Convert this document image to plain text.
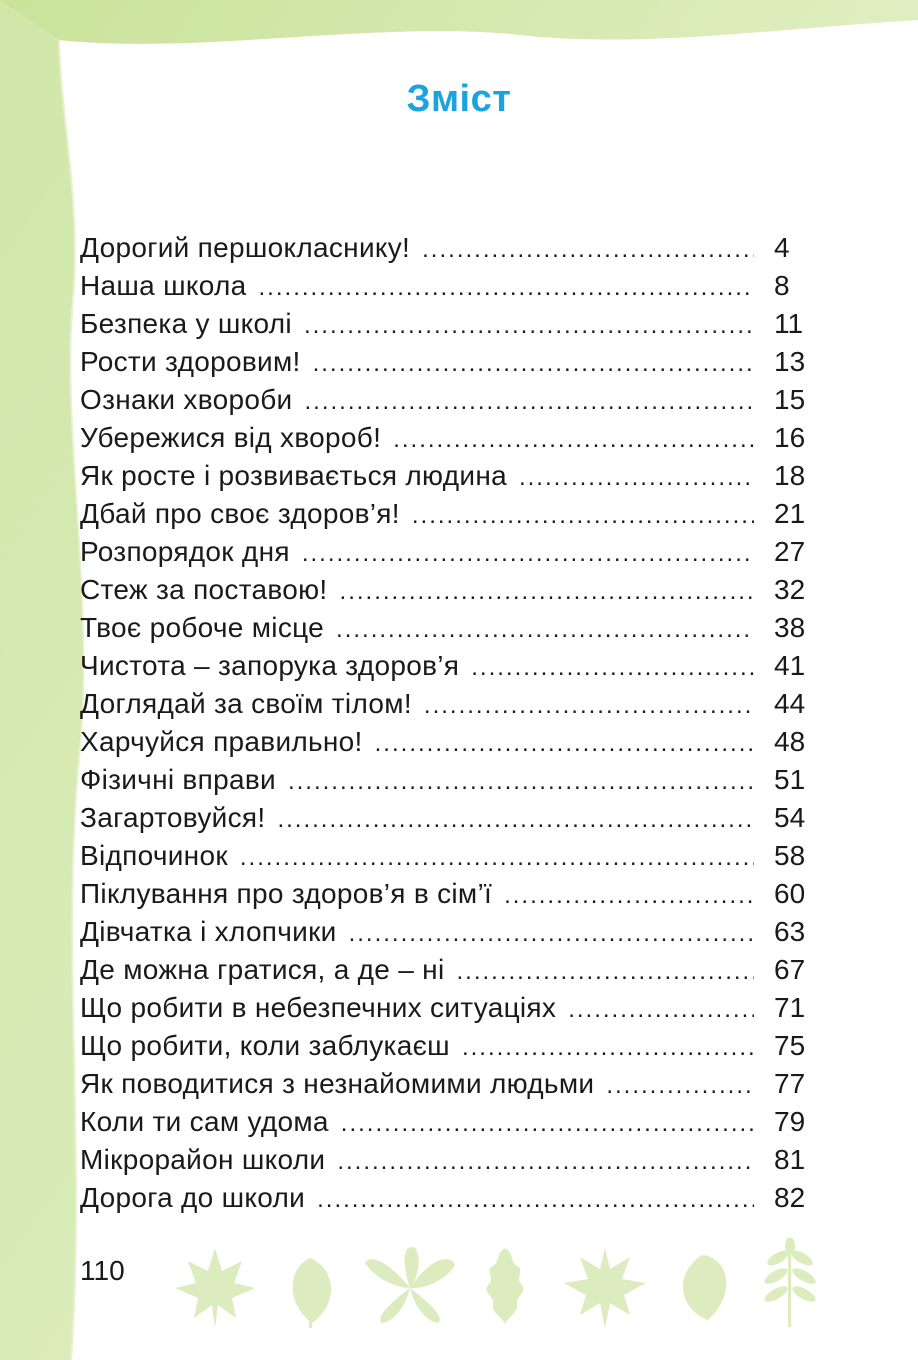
Зміст
Дорогий першокласнику! .....	4
Наша школа .....	8
Безпека у школі .....	11
Рости здоровим! .....	13
Ознаки хвороби .....	15
Убережися від хвороб! .....	16
Як росте і розвивається людина .....	18
Дбай про своє здоров’я! .....	21
Розпорядок дня .....	27
Стеж за поставою! .....	32
Твоє робоче місце .....	38
Чистота – запорука здоров’я .....	41
Доглядай за своїм тілом! .....	44
Харчуйся правильно! .....	48
Фізичні вправи .....	51
Загартовуйся! .....	54
Відпочинок .....	58
Піклування про здоров’я в сім’ї .....	60
Дівчатка і хлопчики .....	63
Де можна гратися, а де – ні .....	67
Що робити в небезпечних ситуаціях .....	71
Що робити, коли заблукаєш .....	75
Як поводитися з незнайомими людьми .....	77
Коли ти сам удома .....	79
Мікрорайон школи .....	81
Дорога до школи .....	82
110
